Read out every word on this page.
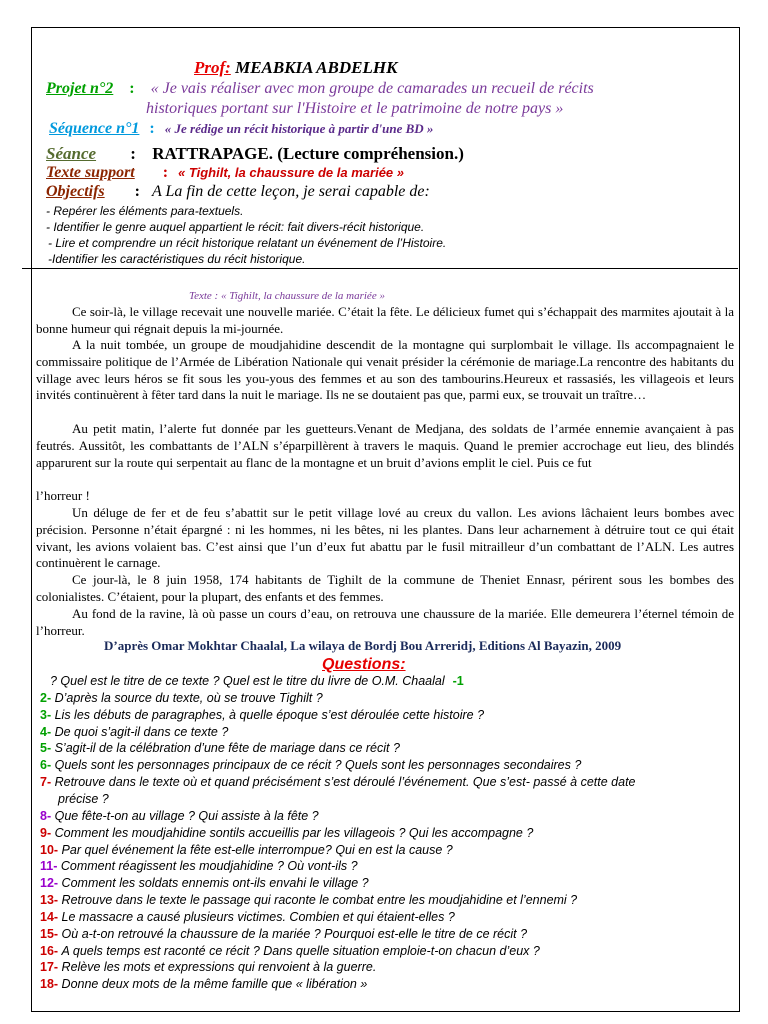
Prof: MEABKIA ABDELHK
Projet n°2 : « Je vais réaliser avec mon groupe de camarades un recueil de récits
historiques portant sur l'Histoire et le patrimoine de notre pays »
Séquence n°1 : « Je rédige un récit historique à partir d'une BD »
Séance : RATTRAPAGE. (Lecture compréhension.)
Texte support : « Tighilt, la chaussure de la mariée »
Objectifs : A La fin de cette leçon, je serai capable de:
- Repérer les éléments para-textuels.
- Identifier le genre auquel appartient le récit: fait divers-récit historique.
- Lire et comprendre un récit historique relatant un événement de l’Histoire.
-Identifier les caractéristiques du récit historique.
Texte : « Tighilt, la chaussure de la mariée »

Ce soir-là, le village recevait une nouvelle mariée. C’était la fête. Le délicieux fumet qui s’échappait des marmites ajoutait à la bonne humeur qui régnait depuis la mi-journée.

A la nuit tombée, un groupe de moudjahidine descendit de la montagne qui surplombait le village. Ils accompagnaient le commissaire politique de l’Armée de Libération Nationale qui venait présider la cérémonie de mariage.La rencontre des habitants du village avec leurs héros se fit sous les you-yous des femmes et au son des tambourins.Heureux et rassasiés, les villageois et leurs invités continuèrent à fêter tard dans la nuit le mariage. Ils ne se doutaient pas que, parmi eux, se trouvait un traître…

Au petit matin, l’alerte fut donnée par les guetteurs.Venant de Medjana, des soldats de l’armée ennemie avançaient à pas feutrés. Aussitôt, les combattants de l’ALN s’éparpillèrent à travers le maquis. Quand le premier accrochage eut lieu, des blindés apparurent sur la route qui serpentait au flanc de la montagne et un bruit d’avions emplit le ciel. Puis ce fut

l’horreur !

Un déluge de fer et de feu s’abattit sur le petit village lové au creux du vallon. Les avions lâchaient leurs bombes avec précision. Personne n’était épargné : ni les hommes, ni les bêtes, ni les plantes. Dans leur acharnement à détruire tout ce qui était vivant, les avions volaient bas. C’est ainsi que l’un d’eux fut abattu par le fusil mitrailleur d’un combattant de l’ALN. Les autres continuèrent le carnage.

Ce jour-là, le 8 juin 1958, 174 habitants de Tighilt de la commune de Theniet Ennasr, périrent sous les bombes des colonialistes. C’étaient, pour la plupart, des enfants et des femmes.

Au fond de la ravine, là où passe un cours d’eau, on retrouva une chaussure de la mariée. Elle demeurera l’éternel témoin de l’horreur.

D’après Omar Mokhtar Chaalal, La wilaya de Bordj Bou Arreridj, Editions Al Bayazin, 2009
Questions:
? Quel est le titre de ce texte ? Quel est le titre du livre de O.M. Chaalal -1
2- D’après la source du texte, où se trouve Tighilt ?
3- Lis les débuts de paragraphes, à quelle époque s’est déroulée cette histoire ?
4- De quoi s’agit-il dans ce texte ?
5- S’agit-il de la célébration d’une fête de mariage dans ce récit ?
6- Quels sont les personnages principaux de ce récit ? Quels sont les personnages secondaires ?
7- Retrouve dans le texte où et quand précisément s’est déroulé l’événement. Que s’est- passé à cette date
précise ?
8- Que fête-t-on au village ? Qui assiste à la fête ?
9- Comment les moudjahidine sontils accueillis par les villageois ? Qui les accompagne ?
10- Par quel événement la fête est-elle interrompue? Qui en est la cause ?
11- Comment réagissent les moudjahidine ? Où vont-ils ?
12- Comment les soldats ennemis ont-ils envahi le village ?
13- Retrouve dans le texte le passage qui raconte le combat entre les moudjahidine et l’ennemi ?
14- Le massacre a causé plusieurs victimes. Combien et qui étaient-elles ?
15- Où a-t-on retrouvé la chaussure de la mariée ? Pourquoi est-elle le titre de ce récit ?
16- A quels temps est raconté ce récit ? Dans quelle situation emploie-t-on chacun d’eux ?
17- Relève les mots et expressions qui renvoient à la guerre.
18- Donne deux mots de la même famille que « libération »
